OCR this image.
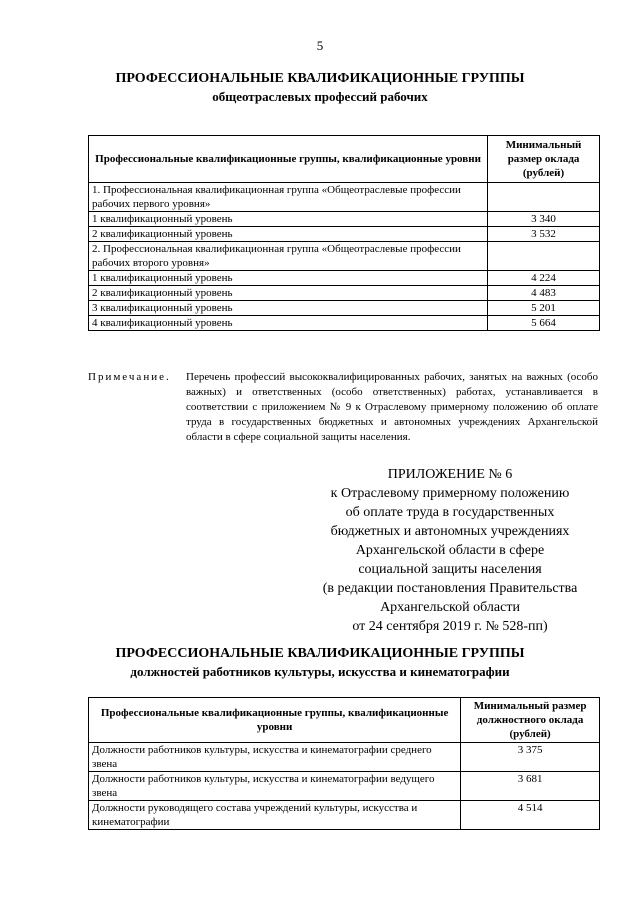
5
ПРОФЕССИОНАЛЬНЫЕ КВАЛИФИКАЦИОННЫЕ ГРУППЫ
общеотраслевых профессий рабочих
Профессиональные квалификационные группы, квалификационные уровни	Минимальный размер оклада (рублей)
1. Профессиональная квалификационная группа «Общеотраслевые профессии рабочих первого уровня»	
1 квалификационный уровень	3 340
2 квалификационный уровень	3 532
2. Профессиональная квалификационная группа «Общеотраслевые профессии рабочих второго уровня»	
1 квалификационный уровень	4 224
2 квалификационный уровень	4 483
3 квалификационный уровень	5 201
4 квалификационный уровень	5 664
Примечание. Перечень профессий высококвалифицированных рабочих, занятых на важных (особо важных) и ответственных (особо ответственных) работах, устанавливается в соответствии с приложением № 9 к Отраслевому примерному положению об оплате труда в государственных бюджетных и автономных учреждениях Архангельской области в сфере социальной защиты населения.
ПРИЛОЖЕНИЕ № 6
к Отраслевому примерному положению
об оплате труда в государственных
бюджетных и автономных учреждениях
Архангельской области в сфере
социальной защиты населения
(в редакции постановления Правительства
Архангельской области
от 24 сентября 2019 г. № 528-пп)
ПРОФЕССИОНАЛЬНЫЕ КВАЛИФИКАЦИОННЫЕ ГРУППЫ
должностей работников культуры, искусства и кинематографии
Профессиональные квалификационные группы, квалификационные уровни	Минимальный размер должностного оклада (рублей)
Должности работников культуры, искусства и кинематографии среднего звена	3 375
Должности работников культуры, искусства и кинематографии ведущего звена	3 681
Должности руководящего состава учреждений культуры, искусства и кинематографии	4 514
